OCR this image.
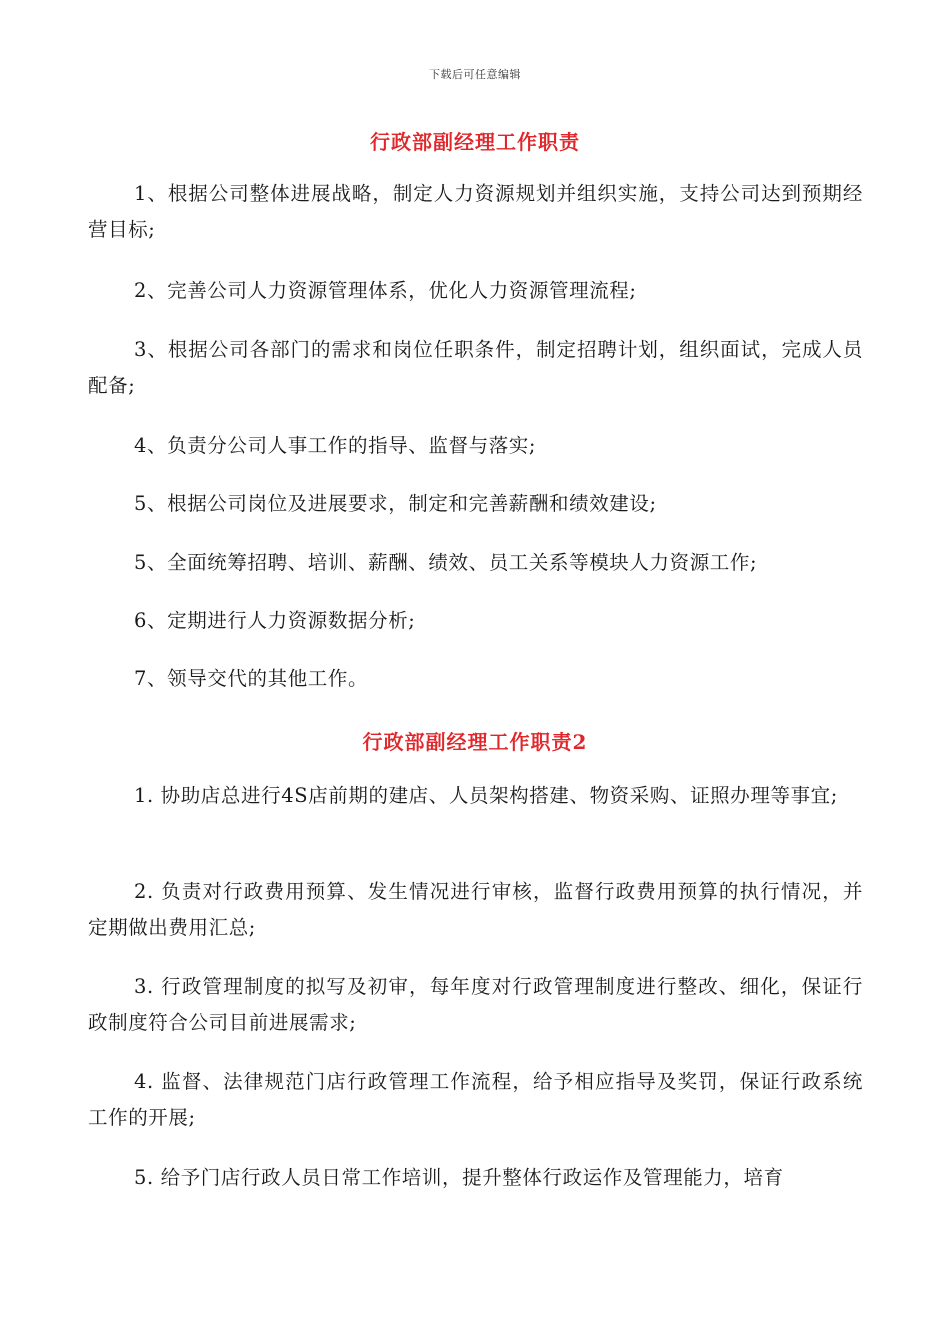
下载后可任意编辑
行政部副经理工作职责
1、根据公司整体进展战略，制定人力资源规划并组织实施，支持公司达到预期经营目标;
2、完善公司人力资源管理体系，优化人力资源管理流程;
3、根据公司各部门的需求和岗位任职条件，制定招聘计划，组织面试，完成人员配备;
4、负责分公司人事工作的指导、监督与落实;
5、根据公司岗位及进展要求，制定和完善薪酬和绩效建设;
5、全面统筹招聘、培训、薪酬、绩效、员工关系等模块人力资源工作;
6、定期进行人力资源数据分析;
7、领导交代的其他工作。
行政部副经理工作职责2
1. 协助店总进行4S店前期的建店、人员架构搭建、物资采购、证照办理等事宜;
2. 负责对行政费用预算、发生情况进行审核，监督行政费用预算的执行情况，并定期做出费用汇总;
3. 行政管理制度的拟写及初审，每年度对行政管理制度进行整改、细化，保证行政制度符合公司目前进展需求;
4. 监督、法律规范门店行政管理工作流程，给予相应指导及奖罚，保证行政系统工作的开展;
5. 给予门店行政人员日常工作培训，提升整体行政运作及管理能力，培育
